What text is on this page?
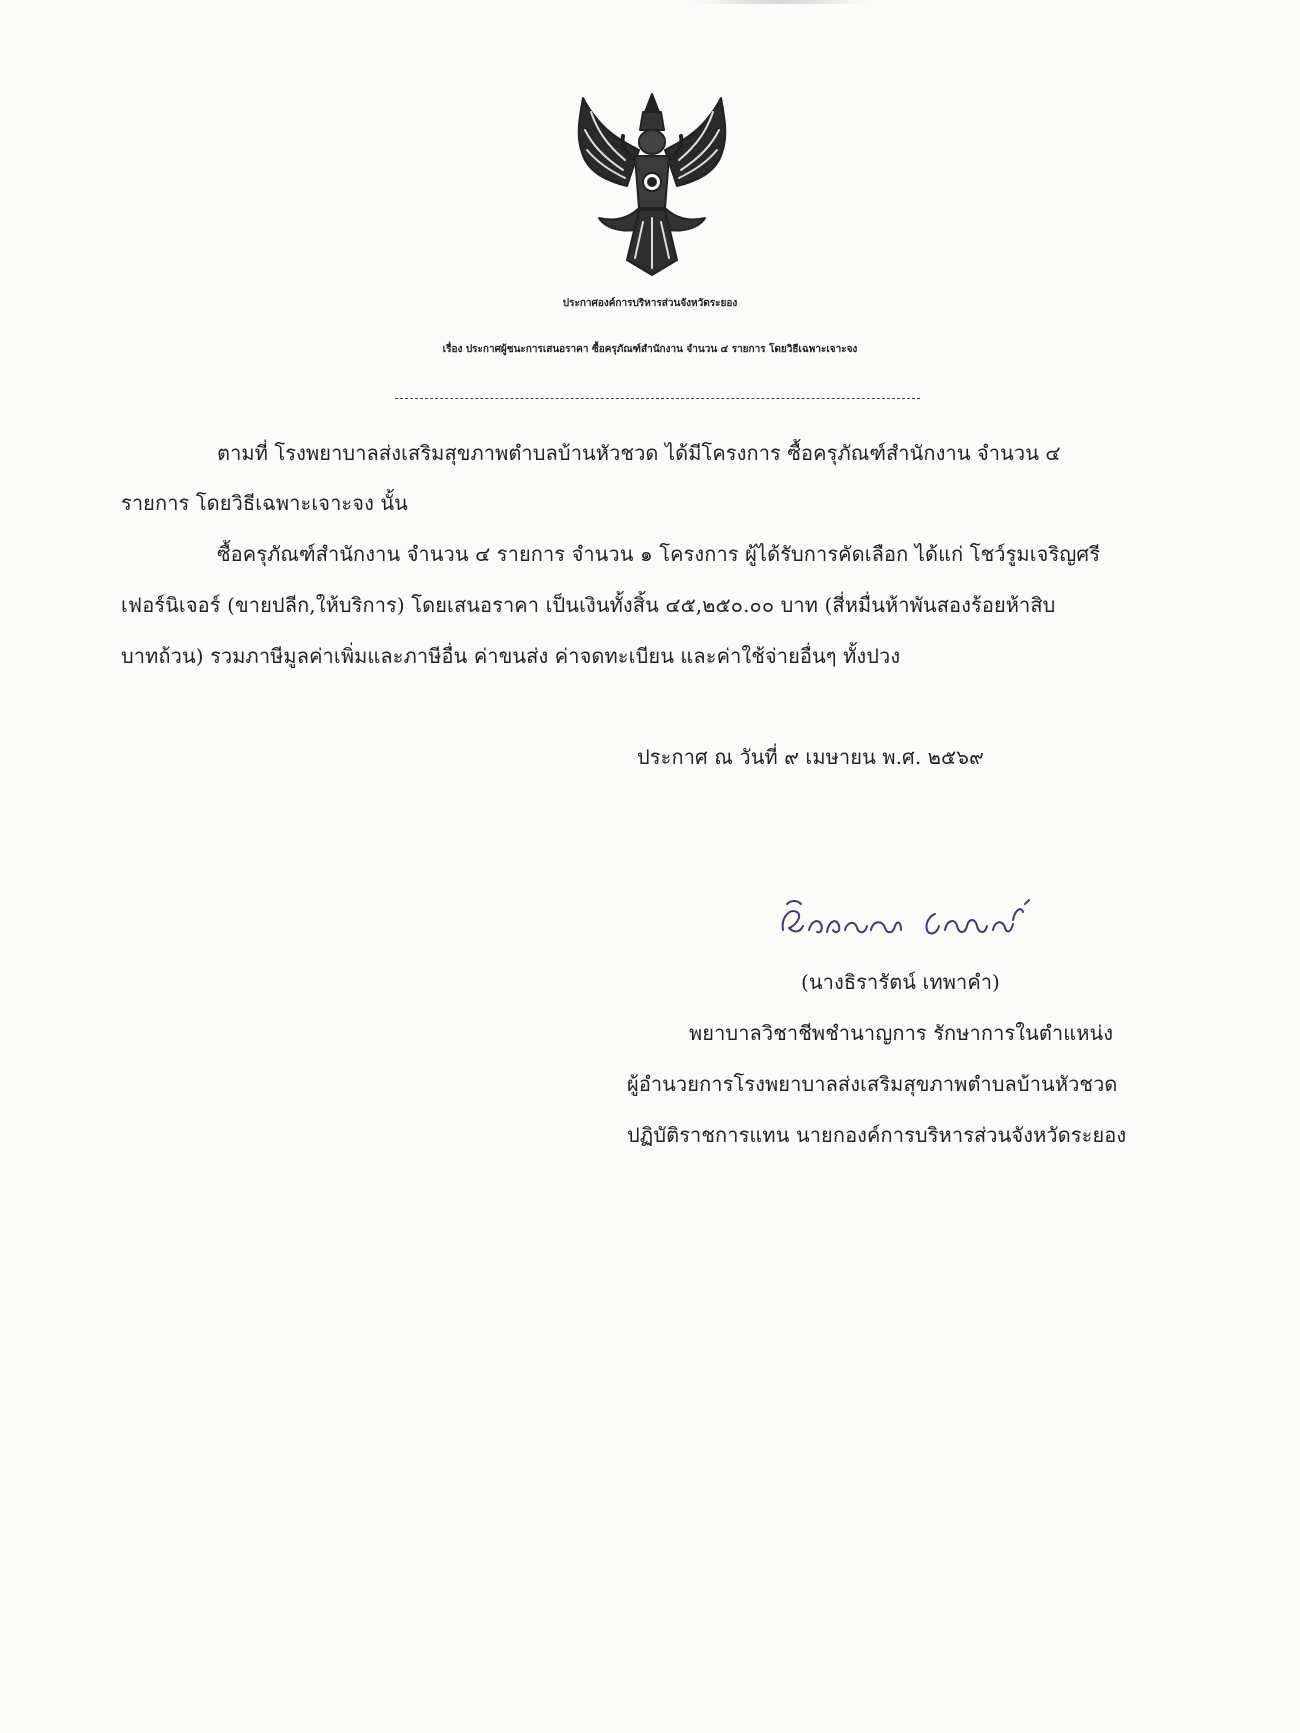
ประกาศองค์การบริหารส่วนจังหวัดระยอง
เรื่อง ประกาศผู้ชนะการเสนอราคา ซื้อครุภัณฑ์สำนักงาน จำนวน ๔ รายการ โดยวิธีเฉพาะเจาะจง
ตามที่ โรงพยาบาลส่งเสริมสุขภาพตำบลบ้านหัวชวด ได้มีโครงการ ซื้อครุภัณฑ์สำนักงาน จำนวน ๔
รายการ โดยวิธีเฉพาะเจาะจง นั้น
ซื้อครุภัณฑ์สำนักงาน จำนวน ๔ รายการ จำนวน ๑ โครงการ ผู้ได้รับการคัดเลือก ได้แก่ โชว์รูมเจริญศรี
เฟอร์นิเจอร์ (ขายปลีก,ให้บริการ) โดยเสนอราคา เป็นเงินทั้งสิ้น ๔๕,๒๕๐.๐๐ บาท (สี่หมื่นห้าพันสองร้อยห้าสิบ
บาทถ้วน) รวมภาษีมูลค่าเพิ่มและภาษีอื่น ค่าขนส่ง ค่าจดทะเบียน และค่าใช้จ่ายอื่นๆ ทั้งปวง
ประกาศ ณ วันที่ ๙ เมษายน พ.ศ. ๒๕๖๙
(นางธิรารัตน์ เทพาคำ)
พยาบาลวิชาชีพชำนาญการ รักษาการในตำแหน่ง
ผู้อำนวยการโรงพยาบาลส่งเสริมสุขภาพตำบลบ้านหัวชวด
ปฏิบัติราชการแทน นายกองค์การบริหารส่วนจังหวัดระยอง
